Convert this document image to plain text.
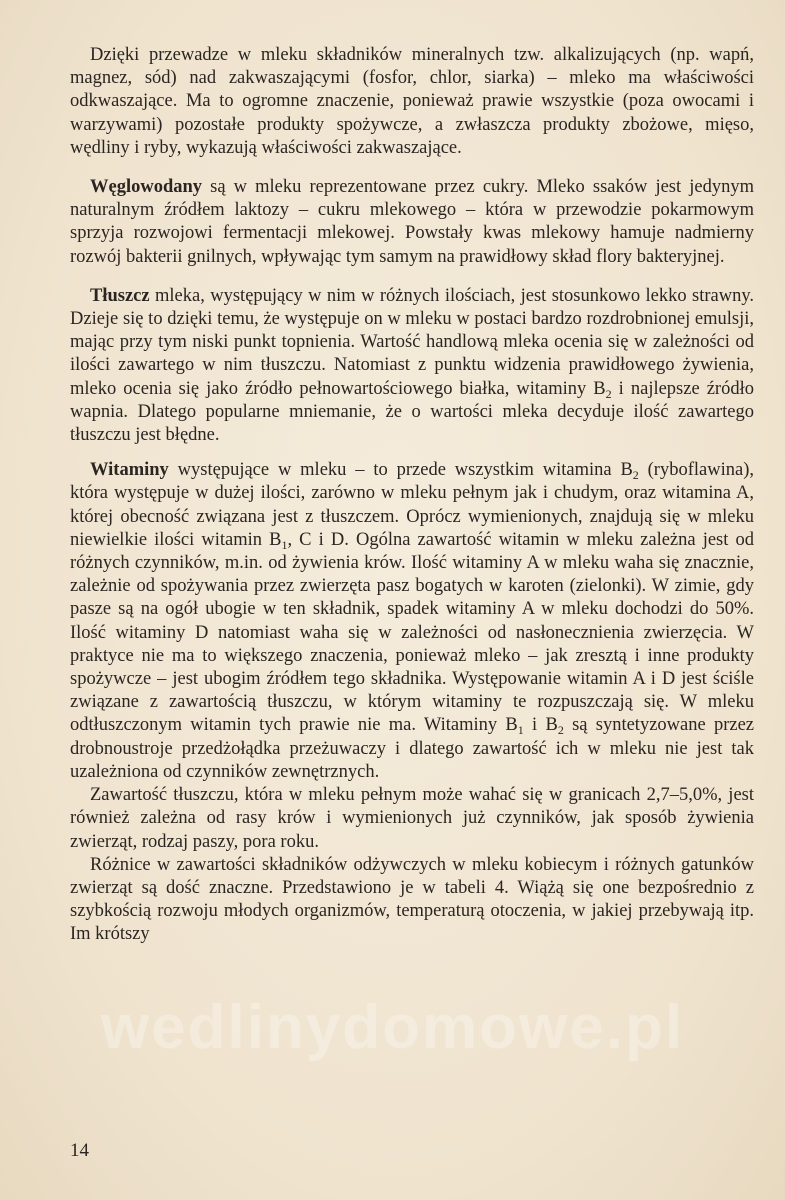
Dzięki przewadze w mleku składników mineralnych tzw. alkalizujących (np. wapń, magnez, sód) nad zakwaszającymi (fosfor, chlor, siarka) – mleko ma właściwości odkwaszające. Ma to ogromne znaczenie, ponieważ prawie wszystkie (poza owocami i warzywami) pozostałe produkty spożywcze, a zwłaszcza produkty zbożowe, mięso, wędliny i ryby, wykazują właściwości zakwaszające.

Węglowodany są w mleku reprezentowane przez cukry. Mleko ssaków jest jedynym naturalnym źródłem laktozy – cukru mlekowego – która w przewodzie pokarmowym sprzyja rozwojowi fermentacji mlekowej. Powstały kwas mlekowy hamuje nadmierny rozwój bakterii gnilnych, wpływając tym samym na prawidłowy skład flory bakteryjnej.

Tłuszcz mleka, występujący w nim w różnych ilościach, jest stosunkowo lekko strawny. Dzieje się to dzięki temu, że występuje on w mleku w postaci bardzo rozdrobnionej emulsji, mając przy tym niski punkt topnienia. Wartość handlową mleka ocenia się w zależności od ilości zawartego w nim tłuszczu. Natomiast z punktu widzenia prawidłowego żywienia, mleko ocenia się jako źródło pełnowartościowego białka, witaminy $B_2$ i najlepsze źródło wapnia. Dlatego popularne mniemanie, że o wartości mleka decyduje ilość zawartego tłuszczu jest błędne.

Witaminy występujące w mleku – to przede wszystkim witamina $B_2$ (ryboflawina), która występuje w dużej ilości, zarówno w mleku pełnym jak i chudym, oraz witamina A, której obecność związana jest z tłuszczem. Oprócz wymienionych, znajdują się w mleku niewielkie ilości witamin $B_1$, C i D. Ogólna zawartość witamin w mleku zależna jest od różnych czynników, m.in. od żywienia krów. Ilość witaminy A w mleku waha się znacznie, zależnie od spożywania przez zwierzęta pasz bogatych w karoten (zielonki). W zimie, gdy pasze są na ogół ubogie w ten składnik, spadek witaminy A w mleku dochodzi do 50%. Ilość witaminy D natomiast waha się w zależności od nasłonecznienia zwierzęcia. W praktyce nie ma to większego znaczenia, ponieważ mleko – jak zresztą i inne produkty spożywcze – jest ubogim źródłem tego składnika. Występowanie witamin A i D jest ściśle związane z zawartością tłuszczu, w którym witaminy te rozpuszczają się. W mleku odtłuszczonym witamin tych prawie nie ma. Witaminy $B_1$ i $B_2$ są syntetyzowane przez drobnoustroje przedżołądka przeżuwaczy i dlatego zawartość ich w mleku nie jest tak uzależniona od czynników zewnętrznych.

Zawartość tłuszczu, która w mleku pełnym może wahać się w granicach 2,7–5,0%, jest również zależna od rasy krów i wymienionych już czynników, jak sposób żywienia zwierząt, rodzaj paszy, pora roku.

Różnice w zawartości składników odżywczych w mleku kobiecym i różnych gatunków zwierząt są dość znaczne. Przedstawiono je w tabeli 4. Wiążą się one bezpośrednio z szybkością rozwoju młodych organizmów, temperaturą otoczenia, w jakiej przebywają itp. Im krótszy

wedlinydomowe.pl
14
